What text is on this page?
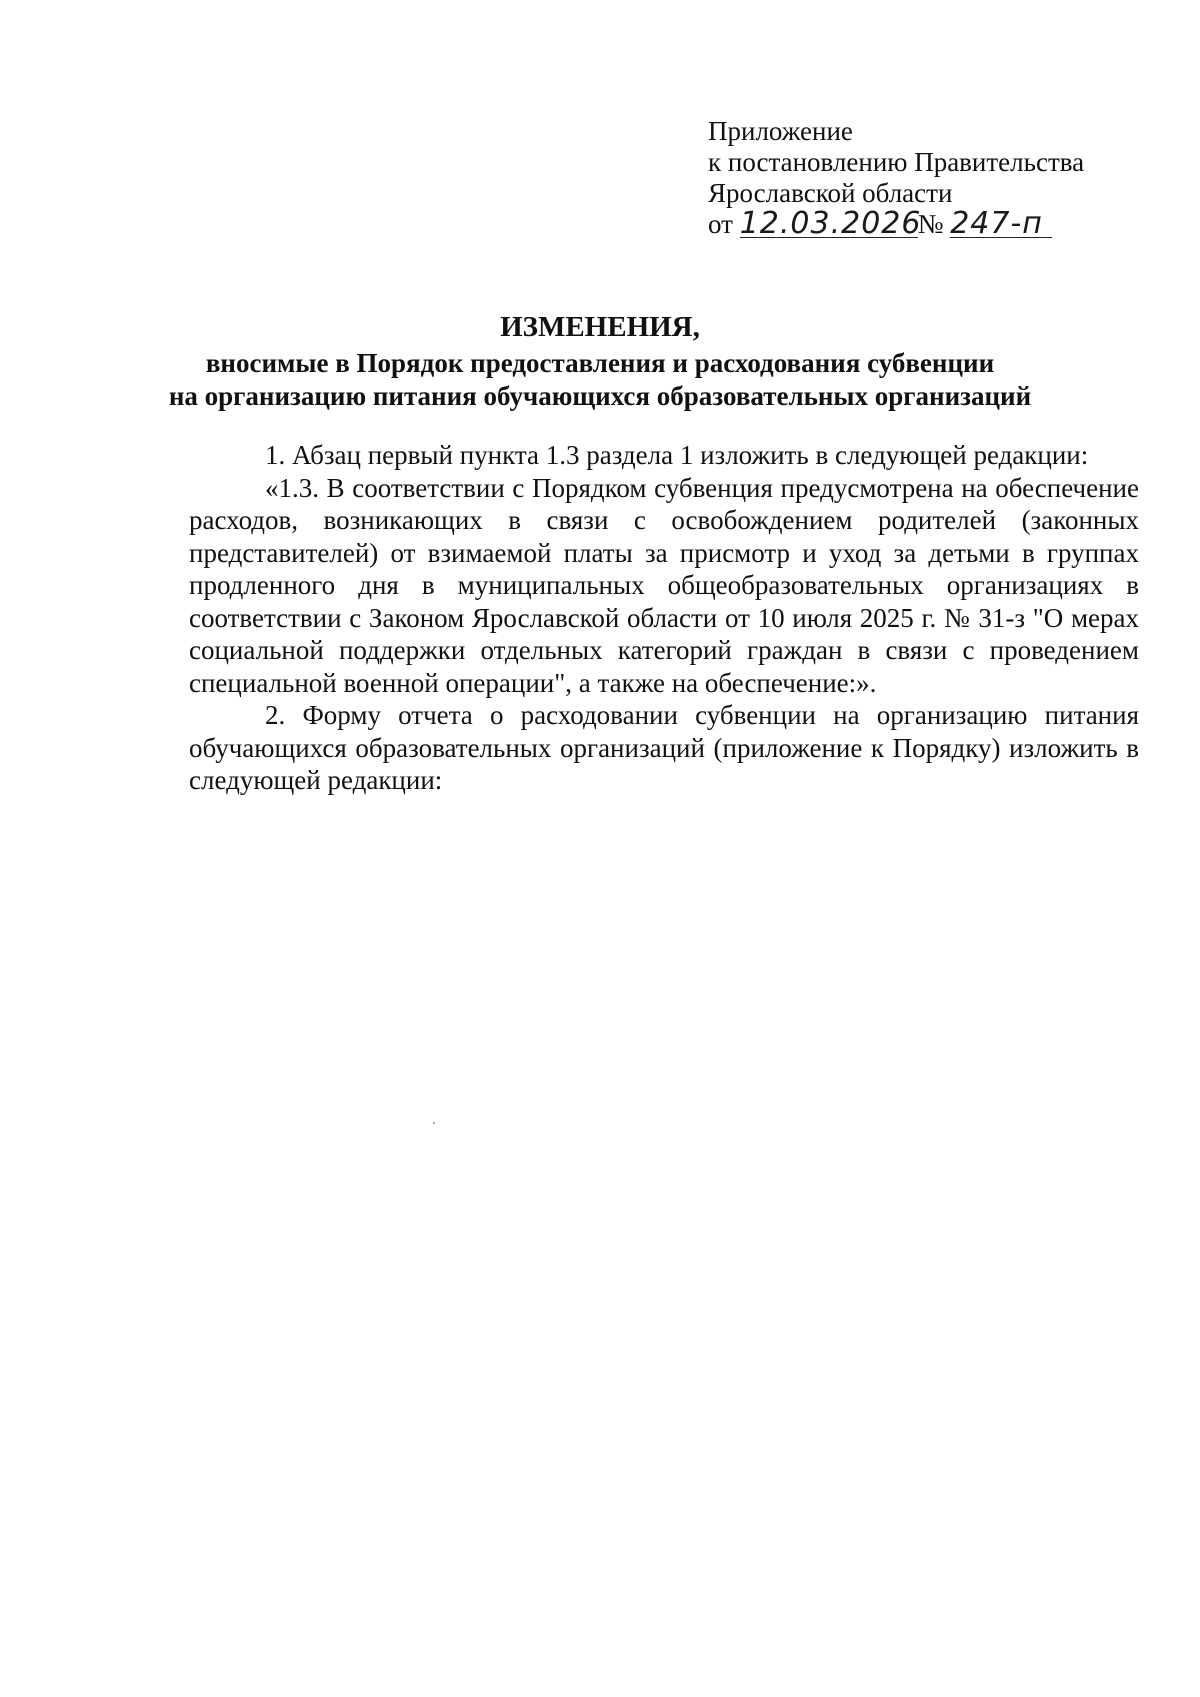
Приложение
к постановлению Правительства
Ярославской области
от 12.03.2026№ 247-п
ИЗМЕНЕНИЯ,
вносимые в Порядок предоставления и расходования субвенции
на организацию питания обучающихся образовательных организаций

1. Абзац первый пункта 1.3 раздела 1 изложить в следующей редакции:

«1.3. В соответствии с Порядком субвенция предусмотрена на обеспечение расходов, возникающих в связи с освобождением родителей (законных представителей) от взимаемой платы за присмотр и уход за детьми в группах продленного дня в муниципальных общеобразовательных организациях в соответствии с Законом Ярославской области от 10 июля 2025 г. № 31-з "О мерах социальной поддержки отдельных категорий граждан в связи с проведением специальной военной операции", а также на обеспечение:».

2. Форму отчета о расходовании субвенции на организацию питания обучающихся образовательных организаций (приложение к Порядку) изложить в следующей редакции:
